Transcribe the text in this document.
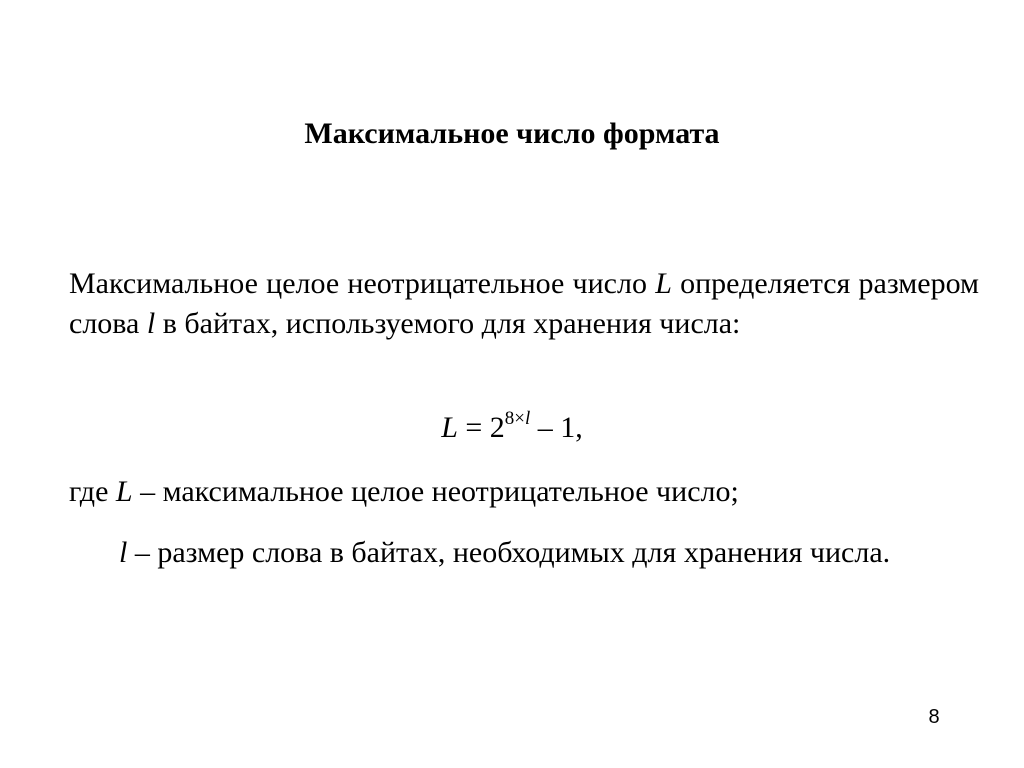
Максимальное число формата

Максимальное целое неотрицательное число L определяется размером слова l в байтах, используемого для хранения числа:

$L = 2^{8\times l} - 1$,

где L – максимальное целое неотрицательное число;

l – размер слова в байтах, необходимых для хранения числа.

8
